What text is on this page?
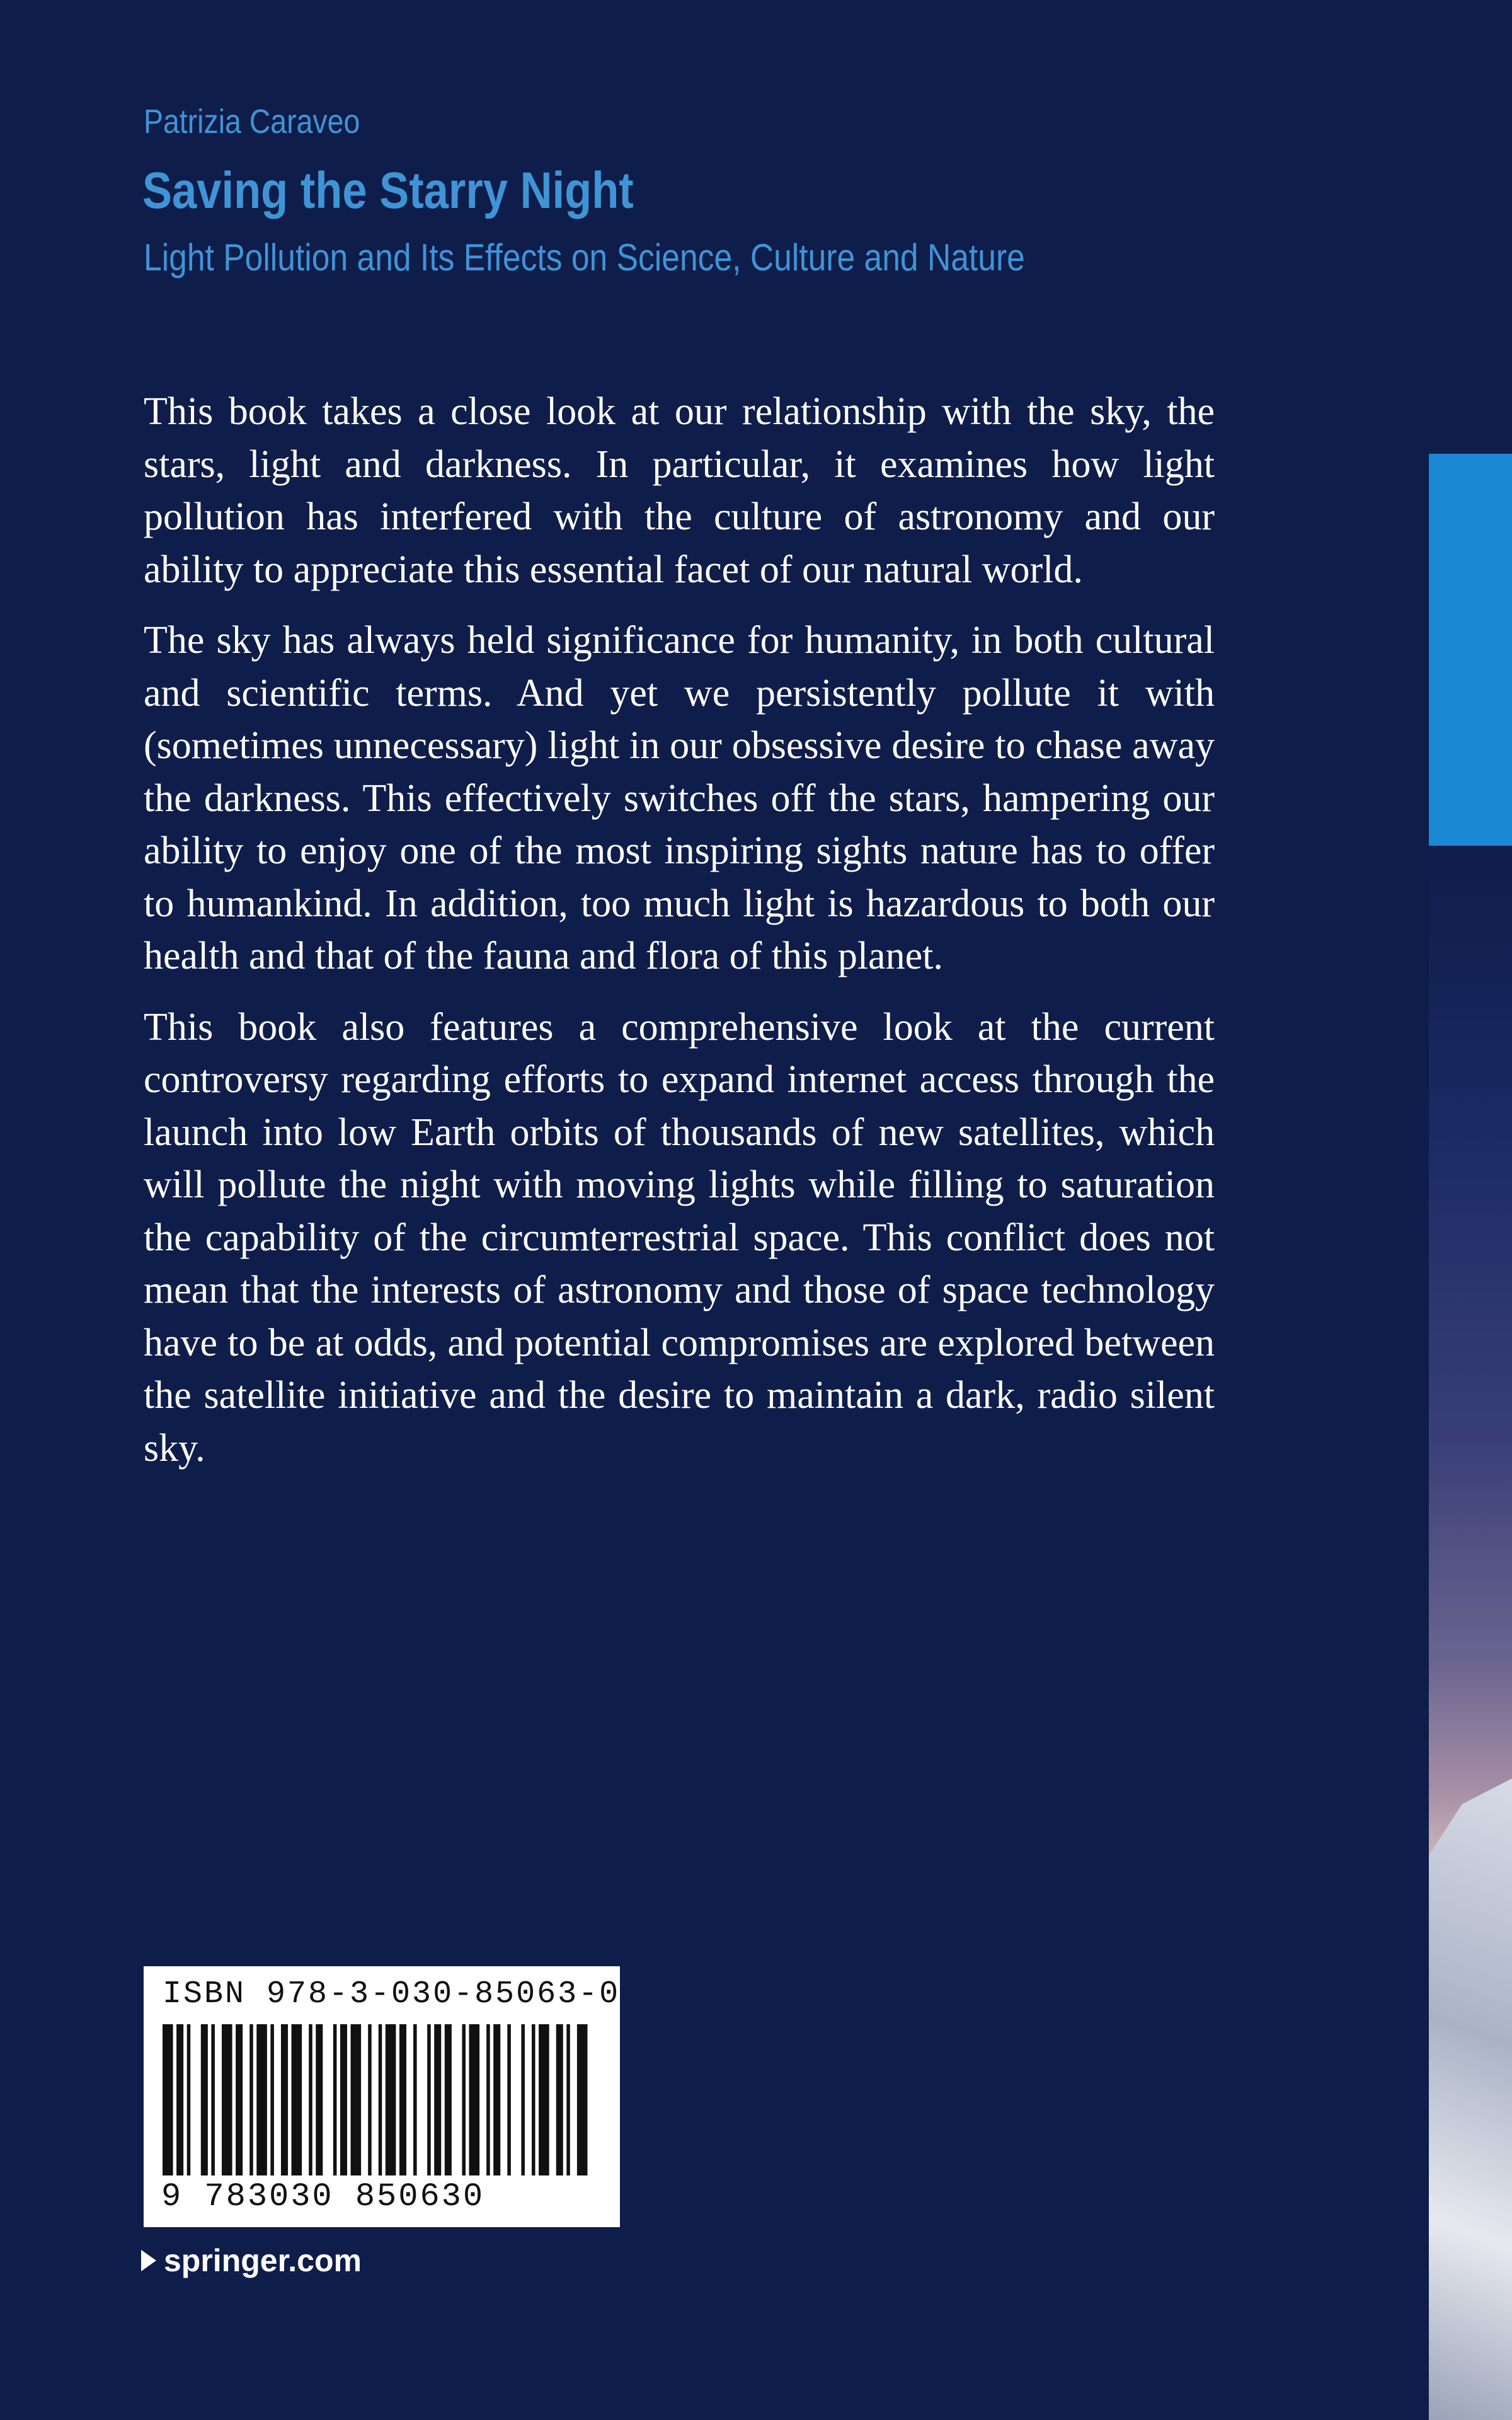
Patrizia Caraveo

Saving the Starry Night

Light Pollution and Its Effects on Science, Culture and Nature

This book takes a close look at our relationship with the sky, the stars, light and darkness. In particular, it examines how light pollution has interfered with the culture of astronomy and our ability to appreciate this essential facet of our natural world.

The sky has always held significance for humanity, in both cultural and scientific terms. And yet we persistently pollute it with (sometimes unnecessary) light in our obsessive desire to chase away the darkness. This effectively switches off the stars, hampering our ability to enjoy one of the most inspiring sights nature has to offer to humankind. In addition, too much light is hazardous to both our health and that of the fauna and flora of this planet.

This book also features a comprehensive look at the current controversy regarding efforts to expand internet access through the launch into low Earth orbits of thousands of new satellites, which will pollute the night with moving lights while filling to saturation the capability of the circumterrestrial space. This conflict does not mean that the interests of astronomy and those of space technology have to be at odds, and potential compromises are explored between the satellite initiative and the desire to maintain a dark, radio silent sky.

ISBN 978-3-030-85063-0
9 783030 850630
springer.com
